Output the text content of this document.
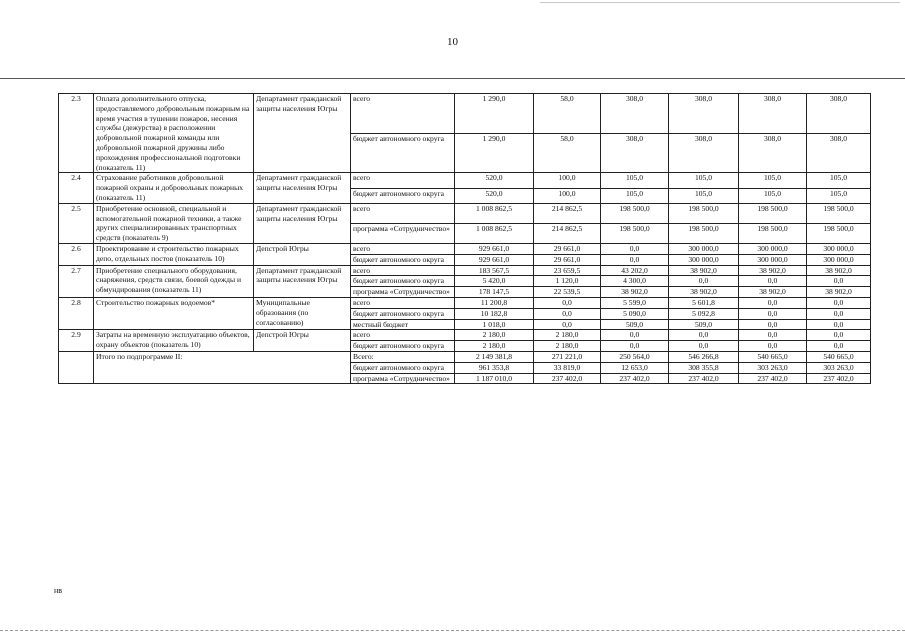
10
2.3	Оплата дополнительного отпуска, предоставляемого добровольным пожарным на время участия в тушении пожаров, несения службы (дежурства) в расположении добровольной пожарной команды или добровольной пожарной дружины либо прохождения профессиональной подготовки (показатель 11)	Департамент гражданской защиты населения Югры	всего	1 290,0	58,0	308,0	308,0	308,0	308,0
			бюджет автономного округа	1 290,0	58,0	308,0	308,0	308,0	308,0
2.4	Страхование работников добровольной пожарной охраны и добровольных пожарных (показатель 11)	Департамент гражданской защиты населения Югры	всего	520,0	100,0	105,0	105,0	105,0	105,0
			бюджет автономного округа	520,0	100,0	105,0	105,0	105,0	105,0
2.5	Приобретение основной, специальной и вспомогательной пожарной техники, а также других специализированных транспортных средств (показатель 9)	Департамент гражданской защиты населения Югры	всего	1 008 862,5	214 862,5	198 500,0	198 500,0	198 500,0	198 500,0
			программа «Сотрудничество»	1 008 862,5	214 862,5	198 500,0	198 500,0	198 500,0	198 500,0
2.6	Проектирование и строительство пожарных депо, отдельных постов (показатель 10)	Депстрой Югры	всего	929 661,0	29 661,0	0,0	300 000,0	300 000,0	300 000,0
			бюджет автономного округа	929 661,0	29 661,0	0,0	300 000,0	300 000,0	300 000,0
2.7	Приобретение специального оборудования, снаряжения, средств связи, боевой одежды и обмундирования (показатель 11)	Департамент гражданской защиты населения Югры	всего	183 567,5	23 659,5	43 202,0	38 902,0	38 902,0	38 902,0
			бюджет автономного округа	5 420,0	1 120,0	4 300,0	0,0	0,0	0,0
			программа «Сотрудничество»	178 147,5	22 539,5	38 902,0	38 902,0	38 902,0	38 902,0
2.8	Строительство пожарных водоемов*	Муниципальные образования (по согласованию)	всего	11 200,8	0,0	5 599,0	5 601,8	0,0	0,0
			бюджет автономного округа	10 182,8	0,0	5 090,0	5 092,8	0,0	0,0
			местный бюджет	1 018,0	0,0	509,0	509,0	0,0	0,0
2.9	Затраты на временную эксплуатацию объектов, охрану объектов (показатель 10)	Депстрой Югры	всего	2 180,0	2 180,0	0,0	0,0	0,0	0,0
			бюджет автономного округа	2 180,0	2 180,0	0,0	0,0	0,0	0,0
	Итого по подпрограмме II:		Всего:	2 149 381,8	271 221,0	250 564,0	546 266,8	540 665,0	540 665,0
			бюджет автономного округа	961 353,8	33 819,0	12 653,0	308 355,8	303 263,0	303 263,0
			программа «Сотрудничество»	1 187 010,0	237 402,0	237 402,0	237 402,0	237 402,0	237 402,0
нв
